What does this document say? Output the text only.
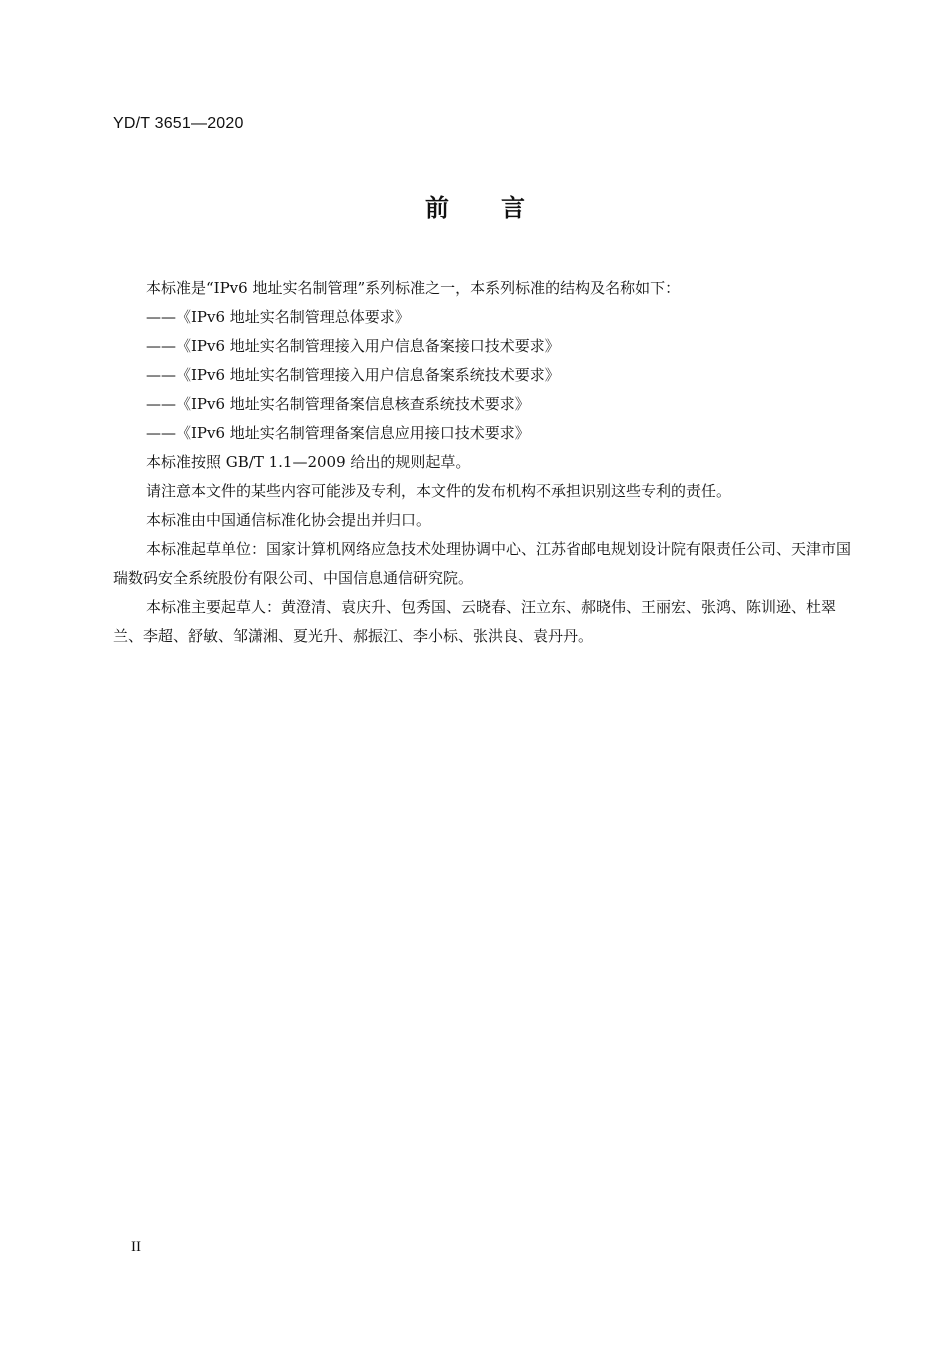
YD/T 3651—2020
前言

本标准是“IPv6 地址实名制管理”系列标准之一，本系列标准的结构及名称如下：

——《IPv6 地址实名制管理总体要求》

——《IPv6 地址实名制管理接入用户信息备案接口技术要求》

——《IPv6 地址实名制管理接入用户信息备案系统技术要求》

——《IPv6 地址实名制管理备案信息核查系统技术要求》

——《IPv6 地址实名制管理备案信息应用接口技术要求》

本标准按照 GB/T 1.1—2009 给出的规则起草。

请注意本文件的某些内容可能涉及专利，本文件的发布机构不承担识别这些专利的责任。

本标准由中国通信标准化协会提出并归口。

本标准起草单位：国家计算机网络应急技术处理协调中心、江苏省邮电规划设计院有限责任公司、天津市国瑞数码安全系统股份有限公司、中国信息通信研究院。

本标准主要起草人：黄澄清、袁庆升、包秀国、云晓春、汪立东、郝晓伟、王丽宏、张鸿、陈训逊、杜翠兰、李超、舒敏、邹潇湘、夏光升、郝振江、李小标、张洪良、袁丹丹。

II
